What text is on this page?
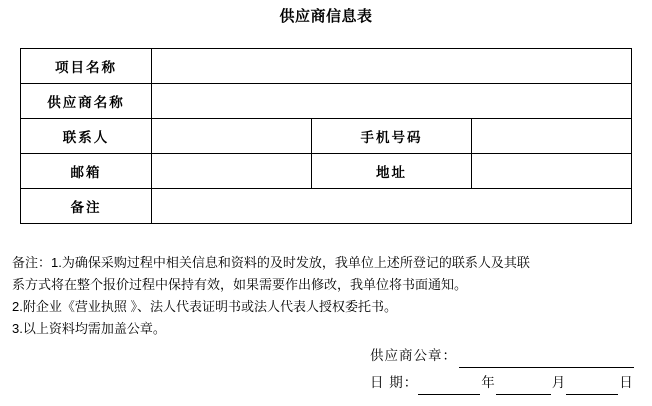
供应商信息表
项目名称			
供应商名称			
联系人		手机号码	
邮箱		地址	
备注			
备注：1.为确保采购过程中相关信息和资料的及时发放，我单位上述所登记的联系人及其联
系方式将在整个报价过程中保持有效，如果需要作出修改，我单位将书面通知。
2.附企业《营业执照 》、法人代表证明书或法人代表人授权委托书。
3.以上资料均需加盖公章。
供应商公章：
日 期：	年	月	日
